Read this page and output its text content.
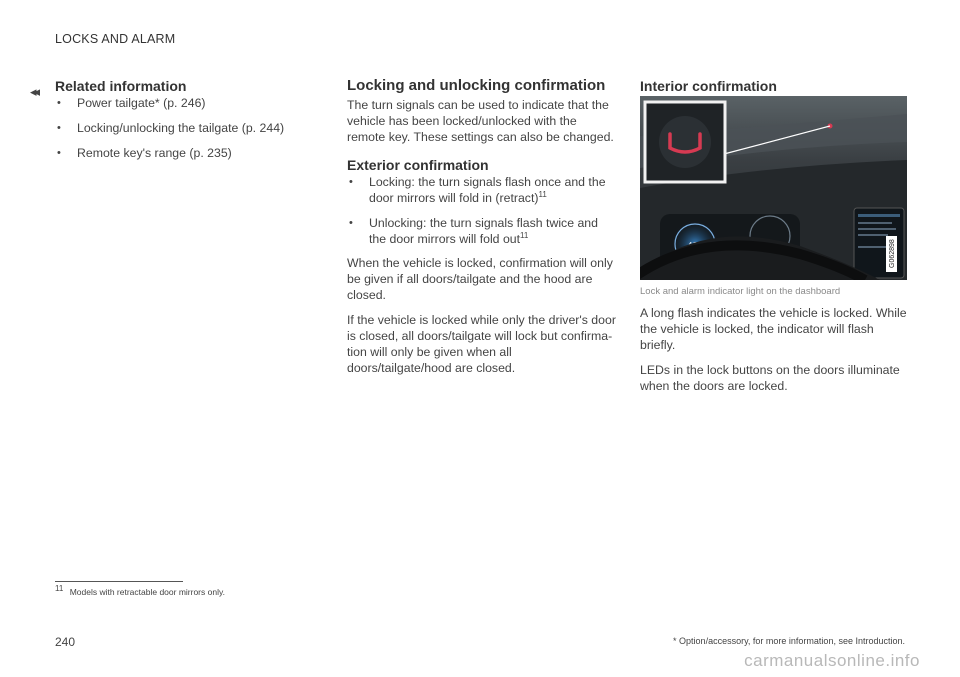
LOCKS AND ALARM
◂◂ Related information
• Power tailgate* (p. 246)
• Locking/unlocking the tailgate (p. 244)
• Remote key's range (p. 235)
Locking and unlocking confirmation

The turn signals can be used to indicate that the vehicle has been locked/unlocked with the remote key. These settings can also be changed.

Exterior confirmation
• Locking: the turn signals flash once and the door mirrors will fold in (retract)$^{11}$
• Unlocking: the turn signals flash twice and the door mirrors will fold out$^{11}$

When the vehicle is locked, confirmation will only be given if all doors/tailgate and the hood are closed.

If the vehicle is locked while only the driver's door is closed, all doors/tailgate will lock but confirma-tion will only be given when all doors/tailgate/hood are closed.

Interior confirmation
G062898
Lock and alarm indicator light on the dashboard

A long flash indicates the vehicle is locked. While the vehicle is locked, the indicator will flash briefly.

LEDs in the lock buttons on the doors illuminate when the doors are locked.

$^{11}$ Models with retractable door mirrors only.
240	* Option/accessory, for more information, see Introduction.
carmanualsonline.info
